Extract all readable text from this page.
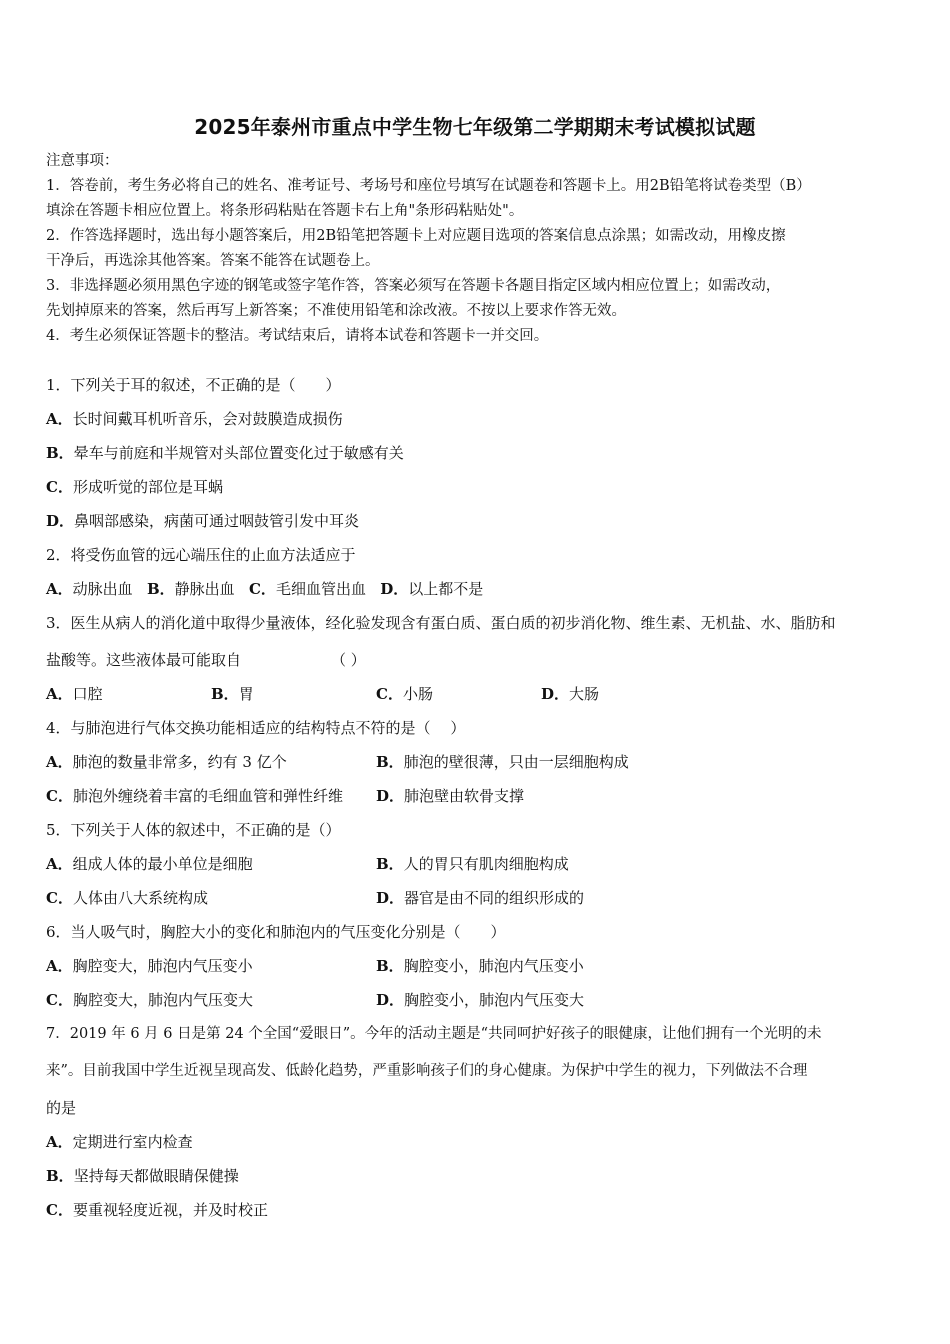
2025年泰州市重点中学生物七年级第二学期期末考试模拟试题
注意事项：
1．答卷前，考生务必将自己的姓名、准考证号、考场号和座位号填写在试题卷和答题卡上。用2B铅笔将试卷类型（B）
填涂在答题卡相应位置上。将条形码粘贴在答题卡右上角"条形码粘贴处"。
2．作答选择题时，选出每小题答案后，用2B铅笔把答题卡上对应题目选项的答案信息点涂黑；如需改动，用橡皮擦
干净后，再选涂其他答案。答案不能答在试题卷上。
3．非选择题必须用黑色字迹的钢笔或签字笔作答，答案必须写在答题卡各题目指定区域内相应位置上；如需改动，
先划掉原来的答案，然后再写上新答案；不准使用铅笔和涂改液。不按以上要求作答无效。
4．考生必须保证答题卡的整洁。考试结束后，请将本试卷和答题卡一并交回。
1．下列关于耳的叙述，不正确的是（　　）
A．长时间戴耳机听音乐，会对鼓膜造成损伤
B．晕车与前庭和半规管对头部位置变化过于敏感有关
C．形成听觉的部位是耳蜗
D．鼻咽部感染，病菌可通过咽鼓管引发中耳炎
2．将受伤血管的远心端压住的止血方法适应于
A．动脉出血 B．静脉出血 C．毛细血管出血 D．以上都不是
3．医生从病人的消化道中取得少量液体，经化验发现含有蛋白质、蛋白质的初步消化物、维生素、无机盐、水、脂肪和
盐酸等。这些液体最可能取自	（ ）
A．口腔	B．胃	C．小肠	D．大肠
4．与肺泡进行气体交换功能相适应的结构特点不符的是（　 ）
A．肺泡的数量非常多，约有 3 亿个	B．肺泡的壁很薄，只由一层细胞构成
C．肺泡外缠绕着丰富的毛细血管和弹性纤维 D．肺泡壁由软骨支撑
5．下列关于人体的叙述中，不正确的是（）
A．组成人体的最小单位是细胞	B．人的胃只有肌肉细胞构成
C．人体由八大系统构成	D．器官是由不同的组织形成的
6．当人吸气时，胸腔大小的变化和肺泡内的气压变化分别是（　　）
A．胸腔变大，肺泡内气压变小	B．胸腔变小，肺泡内气压变小
C．胸腔变大，肺泡内气压变大	D．胸腔变小，肺泡内气压变大
7．2019 年 6 月 6 日是第 24 个全国“爱眼日”。今年的活动主题是“共同呵护好孩子的眼健康，让他们拥有一个光明的未
来”。目前我国中学生近视呈现高发、低龄化趋势，严重影响孩子们的身心健康。为保护中学生的视力，下列做法不合理
的是
A．定期进行室内检查
B．坚持每天都做眼睛保健操
C．要重视轻度近视，并及时校正
